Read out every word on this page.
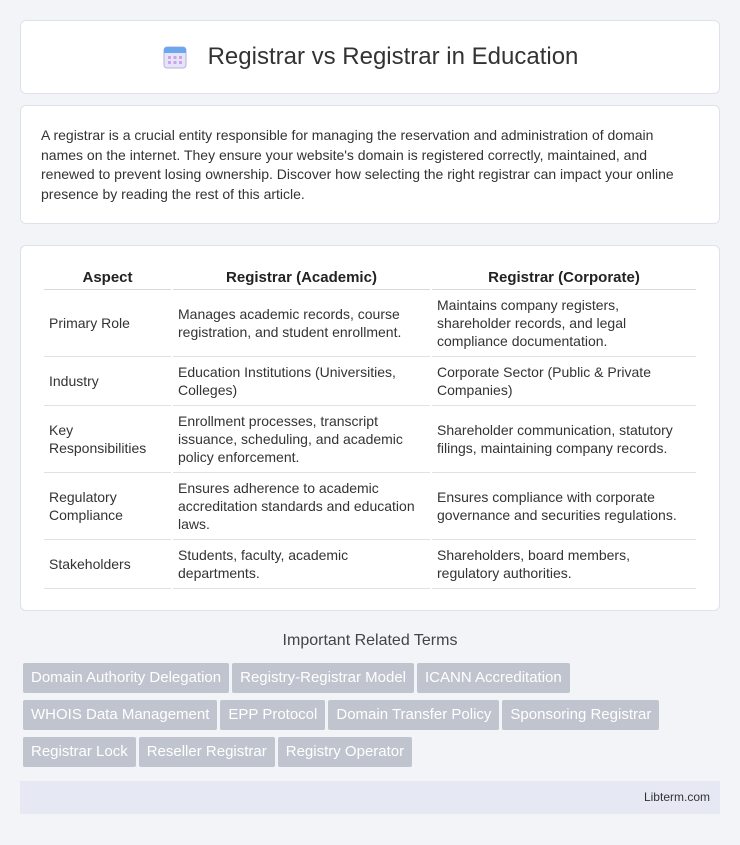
Registrar vs Registrar in Education

A registrar is a crucial entity responsible for managing the reservation and administration of domain names on the internet. They ensure your website's domain is registered correctly, maintained, and renewed to prevent losing ownership. Discover how selecting the right registrar can impact your online presence by reading the rest of this article.

Aspect	Registrar (Academic)	Registrar (Corporate)
Primary Role	Manages academic records, course registration, and student enrollment.	Maintains company registers, shareholder records, and legal compliance documentation.
Industry	Education Institutions (Universities, Colleges)	Corporate Sector (Public & Private Companies)
Key Responsibilities	Enrollment processes, transcript issuance, scheduling, and academic policy enforcement.	Shareholder communication, statutory filings, maintaining company records.
Regulatory Compliance	Ensures adherence to academic accreditation standards and education laws.	Ensures compliance with corporate governance and securities regulations.
Stakeholders	Students, faculty, academic departments.	Shareholders, board members, regulatory authorities.
Important Related Terms
Domain Authority Delegation Registry-Registrar Model ICANN Accreditation
WHOIS Data Management EPP Protocol Domain Transfer Policy Sponsoring Registrar
Registrar Lock Reseller Registrar Registry Operator
Libterm.com
